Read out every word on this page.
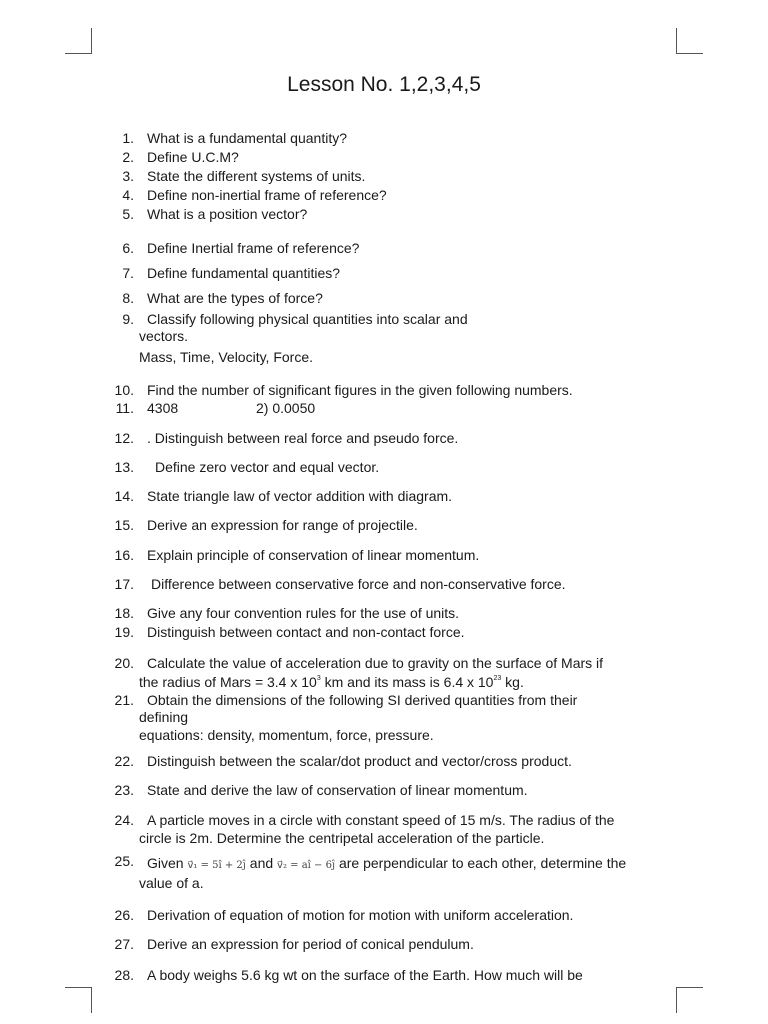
Lesson No. 1,2,3,4,5
1. What is a fundamental quantity?
2. Define U.C.M?
3. State the different systems of units.
4. Define non-inertial frame of reference?
5. What is a position vector?
6. Define Inertial frame of reference?
7. Define fundamental quantities?
8. What are the types of force?
9. Classify following physical quantities into scalar and
vectors.
Mass, Time, Velocity, Force.
10. Find the number of significant figures in the given following numbers.
11. 4308	2) 0.0050
12. . Distinguish between real force and pseudo force.
13. Define zero vector and equal vector.
14. State triangle law of vector addition with diagram.
15. Derive an expression for range of projectile.
16. Explain principle of conservation of linear momentum.
17. Difference between conservative force and non-conservative force.
18. Give any four convention rules for the use of units.
19. Distinguish between contact and non-contact force.
20. Calculate the value of acceleration due to gravity on the surface of Mars if
the radius of Mars = 3.4 x $10^3$ km and its mass is 6.4 x $10^{23}$ kg.
21. Obtain the dimensions of the following SI derived quantities from their
defining
equations: density, momentum, force, pressure.
22. Distinguish between the scalar/dot product and vector/cross product.
23. State and derive the law of conservation of linear momentum.
24. A particle moves in a circle with constant speed of 15 m/s. The radius of the
circle is 2m. Determine the centripetal acceleration of the particle.
25. Given v⃗₁ = 5î + 2ĵ and v⃗₂ = aî − 6ĵ are perpendicular to each other, determine the
value of a.
26. Derivation of equation of motion for motion with uniform acceleration.
27. Derive an expression for period of conical pendulum.
28. A body weighs 5.6 kg wt on the surface of the Earth. How much will be
